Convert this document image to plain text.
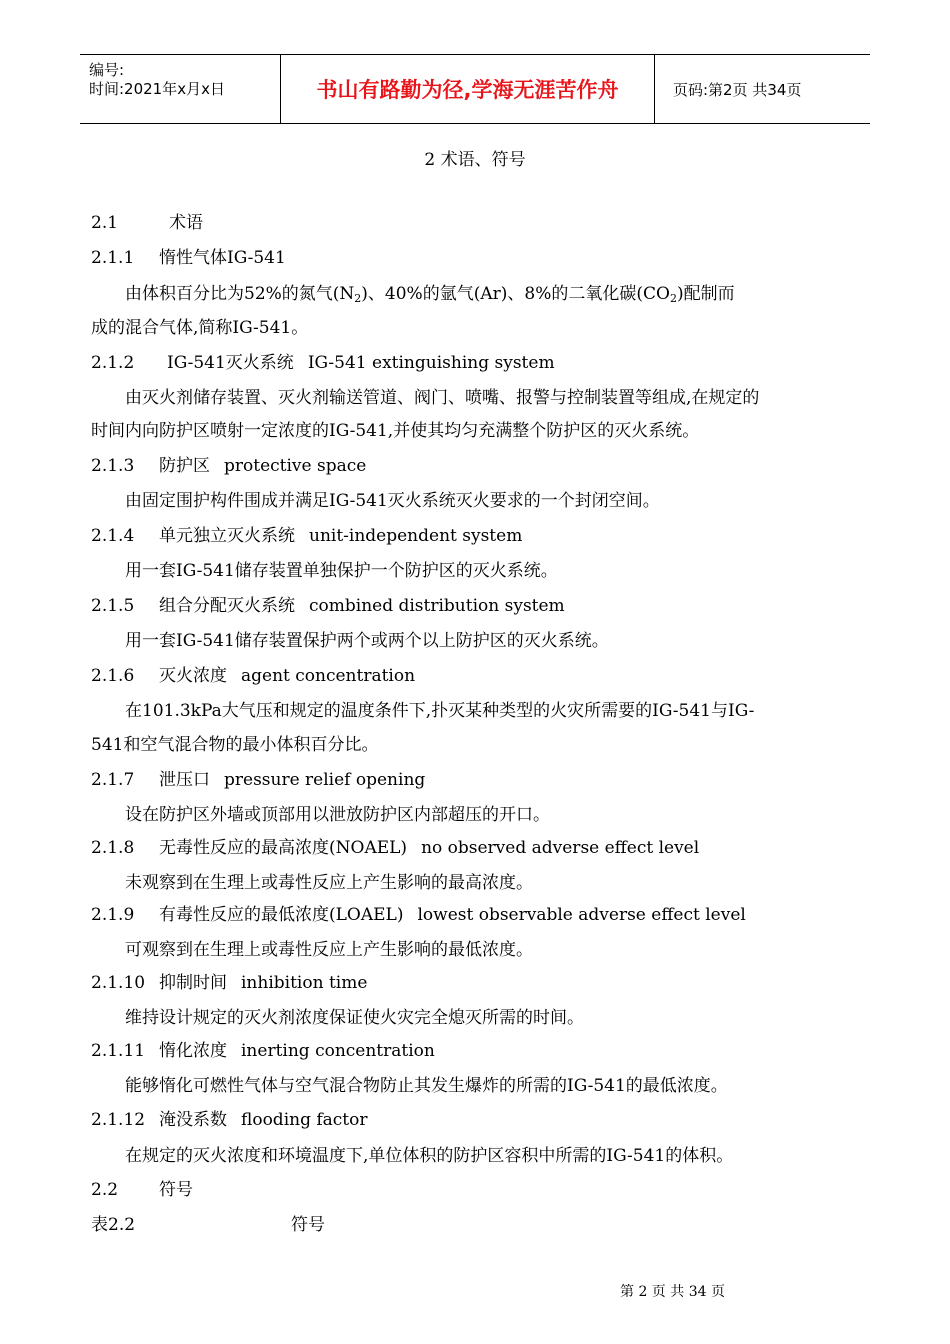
编号:
时间:2021年x月x日	书山有路勤为径,学海无涯苦作舟	页码:第2页 共34页
2 术语、符号
2.1	术语
2.1.1 惰性气体IG-541
由体积百分比为52%的氮气$(N_2)$、40%的氩气(Ar)、8%的二氧化碳$(CO_2)$配制而
成的混合气体,简称IG-541。
2.1.2 IG-541灭火系统 IG-541 extinguishing system
由灭火剂储存装置、灭火剂输送管道、阀门、喷嘴、报警与控制装置等组成,在规定的
时间内向防护区喷射一定浓度的IG-541,并使其均匀充满整个防护区的灭火系统。
2.1.3 防护区 protective space
由固定围护构件围成并满足IG-541灭火系统灭火要求的一个封闭空间。
2.1.4 单元独立灭火系统 unit-independent system
用一套IG-541储存装置单独保护一个防护区的灭火系统。
2.1.5 组合分配灭火系统 combined distribution system
用一套IG-541储存装置保护两个或两个以上防护区的灭火系统。
2.1.6 灭火浓度 agent concentration
在101.3kPa大气压和规定的温度条件下,扑灭某种类型的火灾所需要的IG-541与IG-
541和空气混合物的最小体积百分比。
2.1.7 泄压口 pressure relief opening
设在防护区外墙或顶部用以泄放防护区内部超压的开口。
2.1.8 无毒性反应的最高浓度(NOAEL) no observed adverse effect level
未观察到在生理上或毒性反应上产生影响的最高浓度。
2.1.9 有毒性反应的最低浓度(LOAEL) lowest observable adverse effect level
可观察到在生理上或毒性反应上产生影响的最低浓度。
2.1.10 抑制时间 inhibition time
维持设计规定的灭火剂浓度保证使火灾完全熄灭所需的时间。
2.1.11 惰化浓度 inerting concentration
能够惰化可燃性气体与空气混合物防止其发生爆炸的所需的IG-541的最低浓度。
2.1.12 淹没系数 flooding factor
在规定的灭火浓度和环境温度下,单位体积的防护区容积中所需的IG-541的体积。
2.2 符号
表2.2	符号
第 2 页 共 34 页
